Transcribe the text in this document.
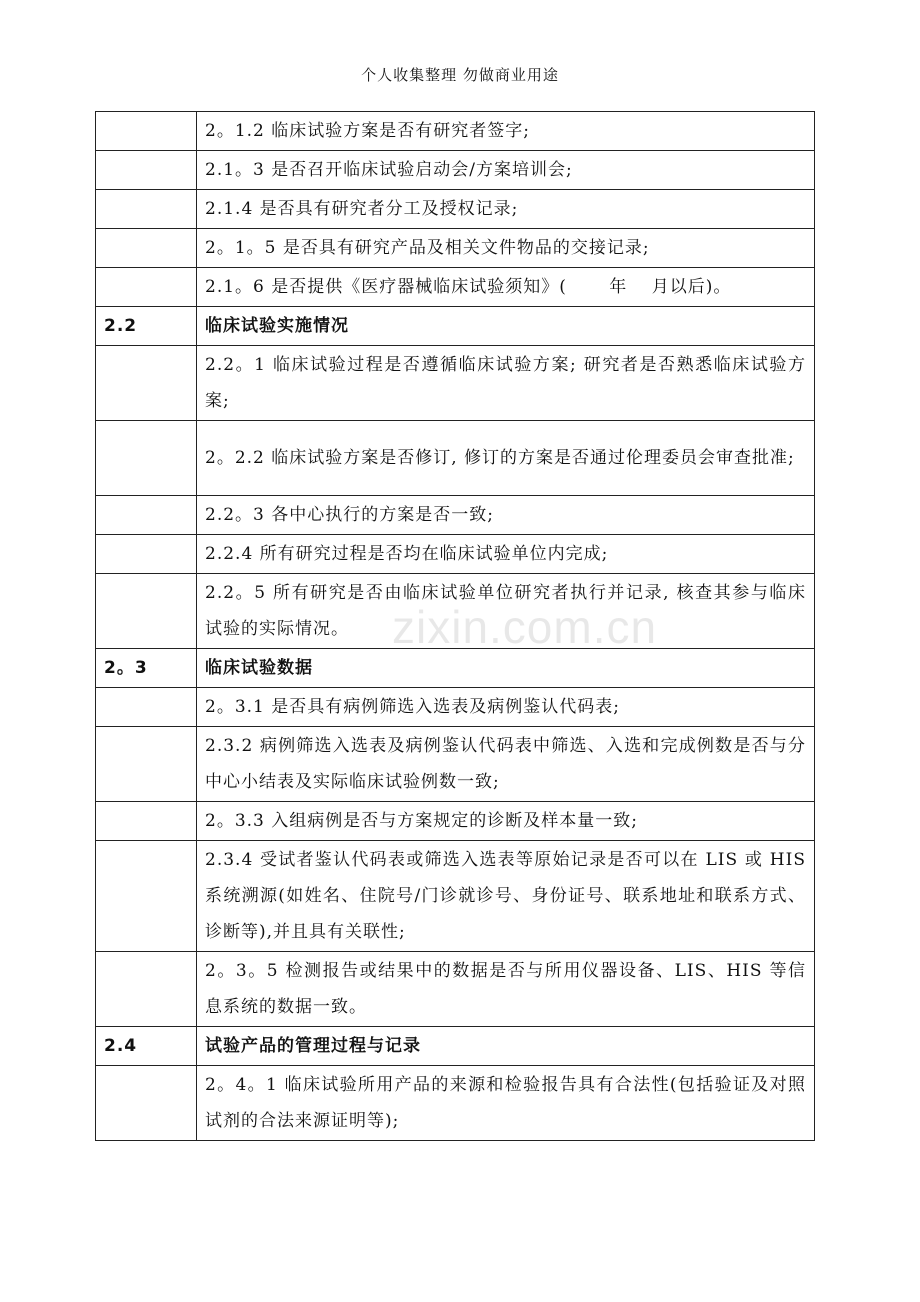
个人收集整理 勿做商业用途
	2。1.2 临床试验方案是否有研究者签字;
	2.1。3 是否召开临床试验启动会/方案培训会;
	2.1.4 是否具有研究者分工及授权记录;
	2。1。5 是否具有研究产品及相关文件物品的交接记录;
	2.1。6 是否提供《医疗器械临床试验须知》(　　 年　 月以后)。
2.2	临床试验实施情况
	2.2。1 临床试验过程是否遵循临床试验方案; 研究者是否熟悉临床试验方案;
	2。2.2 临床试验方案是否修订, 修订的方案是否通过伦理委员会审查批准;
	2.2。3 各中心执行的方案是否一致;
	2.2.4 所有研究过程是否均在临床试验单位内完成;
	2.2。5 所有研究是否由临床试验单位研究者执行并记录, 核查其参与临床试验的实际情况。
2。3	临床试验数据
	2。3.1 是否具有病例筛选入选表及病例鉴认代码表;
	2.3.2 病例筛选入选表及病例鉴认代码表中筛选、入选和完成例数是否与分中心小结表及实际临床试验例数一致;
	2。3.3 入组病例是否与方案规定的诊断及样本量一致;
	2.3.4 受试者鉴认代码表或筛选入选表等原始记录是否可以在 LIS 或 HIS 系统溯源(如姓名、住院号/门诊就诊号、身份证号、联系地址和联系方式、诊断等),并且具有关联性;
	2。3。5 检测报告或结果中的数据是否与所用仪器设备、LIS、HIS 等信息系统的数据一致。
2.4	试验产品的管理过程与记录
	2。4。1 临床试验所用产品的来源和检验报告具有合法性(包括验证及对照试剂的合法来源证明等);
zixin.com.cn
